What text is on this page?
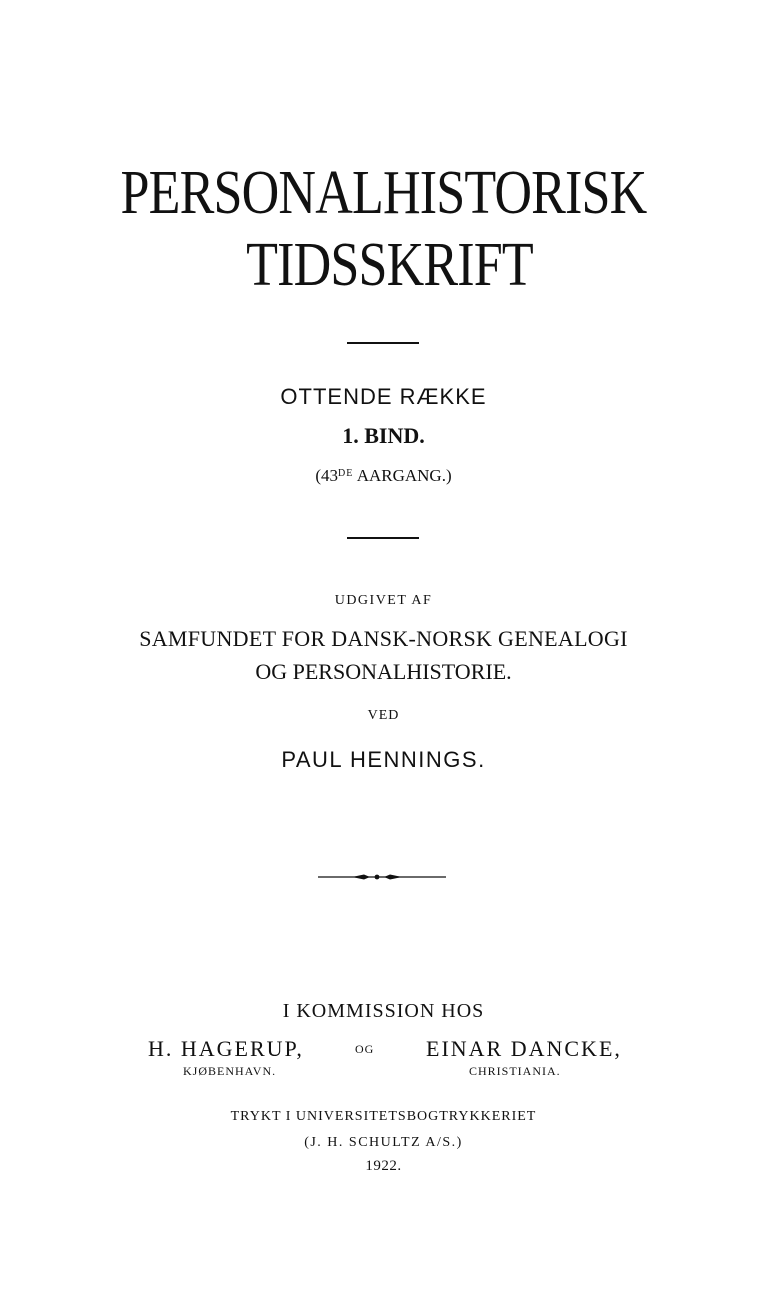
PERSONALHISTORISK
TIDSSKRIFT
OTTENDE RÆKKE
1. BIND.
(43DE AARGANG.)
UDGIVET AF
SAMFUNDET FOR DANSK-NORSK GENEALOGI
OG PERSONALHISTORIE.
VED
PAUL HENNINGS.
I KOMMISSION HOS
H. HAGERUP,
KJØBENHAVN.
OG EINAR DANCKE,
CHRISTIANIA.
TRYKT I UNIVERSITETSBOGTRYKKERIET
(J. H. SCHULTZ A/S.)
1922.
